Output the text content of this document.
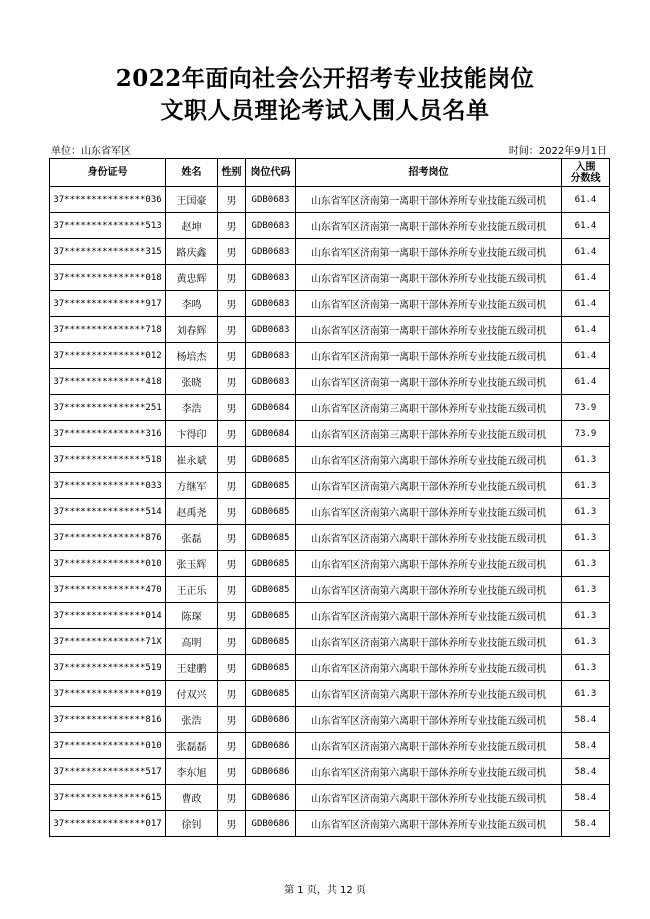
2022年面向社会公开招考专业技能岗位
文职人员理论考试入围人员名单
单位：山东省军区	时间：2022年9月1日
身份证号	姓名	性别	岗位代码	招考岗位	入围
分数线
37***************036	王国豪	男	GDB0683	山东省军区济南第一离职干部休养所专业技能五级司机	61.4
37***************513	赵坤	男	GDB0683	山东省军区济南第一离职干部休养所专业技能五级司机	61.4
37***************315	路庆鑫	男	GDB0683	山东省军区济南第一离职干部休养所专业技能五级司机	61.4
37***************018	黄忠辉	男	GDB0683	山东省军区济南第一离职干部休养所专业技能五级司机	61.4
37***************917	李鸣	男	GDB0683	山东省军区济南第一离职干部休养所专业技能五级司机	61.4
37***************718	刘春辉	男	GDB0683	山东省军区济南第一离职干部休养所专业技能五级司机	61.4
37***************012	杨培杰	男	GDB0683	山东省军区济南第一离职干部休养所专业技能五级司机	61.4
37***************418	张晓	男	GDB0683	山东省军区济南第一离职干部休养所专业技能五级司机	61.4
37***************251	李浩	男	GDB0684	山东省军区济南第三离职干部休养所专业技能五级司机	73.9
37***************316	卞得印	男	GDB0684	山东省军区济南第三离职干部休养所专业技能五级司机	73.9
37***************518	崔永斌	男	GDB0685	山东省军区济南第六离职干部休养所专业技能五级司机	61.3
37***************033	方继军	男	GDB0685	山东省军区济南第六离职干部休养所专业技能五级司机	61.3
37***************514	赵禹尧	男	GDB0685	山东省军区济南第六离职干部休养所专业技能五级司机	61.3
37***************876	张磊	男	GDB0685	山东省军区济南第六离职干部休养所专业技能五级司机	61.3
37***************010	张玉辉	男	GDB0685	山东省军区济南第六离职干部休养所专业技能五级司机	61.3
37***************470	王正乐	男	GDB0685	山东省军区济南第六离职干部休养所专业技能五级司机	61.3
37***************014	陈琛	男	GDB0685	山东省军区济南第六离职干部休养所专业技能五级司机	61.3
37***************71X	高明	男	GDB0685	山东省军区济南第六离职干部休养所专业技能五级司机	61.3
37***************519	王建鹏	男	GDB0685	山东省军区济南第六离职干部休养所专业技能五级司机	61.3
37***************019	付双兴	男	GDB0685	山东省军区济南第六离职干部休养所专业技能五级司机	61.3
37***************816	张浩	男	GDB0686	山东省军区济南第六离职干部休养所专业技能五级司机	58.4
37***************010	张磊磊	男	GDB0686	山东省军区济南第六离职干部休养所专业技能五级司机	58.4
37***************517	李东旭	男	GDB0686	山东省军区济南第六离职干部休养所专业技能五级司机	58.4
37***************615	曹政	男	GDB0686	山东省军区济南第六离职干部休养所专业技能五级司机	58.4
37***************017	徐钊	男	GDB0686	山东省军区济南第六离职干部休养所专业技能五级司机	58.4
第 1 页，共 12 页
